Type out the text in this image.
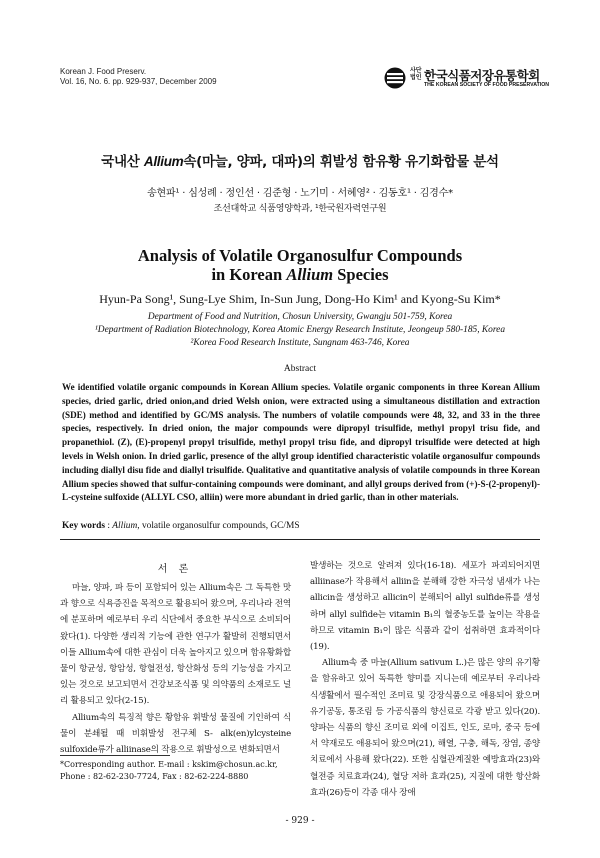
Korean J. Food Preserv.
Vol. 16, No. 6. pp. 929-937, December 2009
사단법인 한국식품저장유통학회
THE KOREAN SOCIETY OF FOOD PRESERVATION
국내산 Allium속(마늘, 양파, 대파)의 휘발성 함유황 유기화합물 분석
송현파¹ · 심성례 · 정인선 · 김준형 · 노기미 · 서혜영² · 김동호¹ · 김경수*
조선대학교 식품영양학과, ¹한국원자력연구원
Analysis of Volatile Organosulfur Compounds
in Korean Allium Species
Hyun-Pa Song¹, Sung-Lye Shim, In-Sun Jung, Dong-Ho Kim¹ and Kyong-Su Kim*
Department of Food and Nutrition, Chosun University, Gwangju 501-759, Korea
¹Department of Radiation Biotechnology, Korea Atomic Energy Research Institute, Jeongeup 580-185, Korea
²Korea Food Research Institute, Sungnam 463-746, Korea
Abstract
We identified volatile organic compounds in Korean Allium species. Volatile organic components in three Korean Allium species, dried garlic, dried onion,and dried Welsh onion, were extracted using a simultaneous distillation and extraction (SDE) method and identified by GC/MS analysis. The numbers of volatile compounds were 48, 32, and 33 in the three species, respectively. In dried onion, the major compounds were dipropyl trisulfide, methyl propyl trisu fide, and propanethiol. (Z), (E)-propenyl propyl trisulfide, methyl propyl trisu fide, and dipropyl trisulfide were detected at high levels in Welsh onion. In dried garlic, presence of the allyl group identified characteristic volatile organosulfur compounds including diallyl disu fide and diallyl trisulfide. Qualitative and quantitative analysis of volatile compounds in three Korean Allium species showed that sulfur-containing compounds were dominant, and allyl groups derived from (+)-S-(2-propenyl)-L-cysteine sulfoxide (ALLYL CSO, alliin) were more abundant in dried garlic, than in other materials.
Key words : Allium, volatile organosulfur compounds, GC/MS
서 론

마늘, 양파, 파 등이 포함되어 있는 Allium속은 그 독특한 맛과 향으로 식욕증진을 목적으로 활용되어 왔으며, 우리나라 전역에 분포하며 예로부터 우리 식단에서 중요한 부식으로 소비되어 왔다(1). 다양한 생리적 기능에 관한 연구가 활발히 진행되면서 이들 Allium속에 대한 관심이 더욱 높아지고 있으며 함유황화합물이 항균성, 항암성, 항혈전성, 항산화성 등의 기능성을 가지고 있는 것으로 보고되면서 건강보조식품 및 의약품의 소재로도 널리 활용되고 있다(2-15).

Allium속의 특징적 향은 황함유 휘발성 물질에 기인하여 식물이 분쇄될 때 비휘발성 전구체 S- alk(en)ylcysteine sulfoxide류가 alliinase의 작용으로 휘발성으로 변화되면서

발생하는 것으로 알려져 있다(16-18). 세포가 파괴되어지면 alliinase가 작용해서 alliin을 분해해 강한 자극성 냄새가 나는 allicin을 생성하고 allicin이 분해되어 allyl sulfide류를 생성하며 allyl sulfide는 vitamin B₁의 혈중농도를 높이는 작용을 하므로 vitamin B₁이 많은 식품과 같이 섭취하면 효과적이다(19).

Allium속 중 마늘(Allium sativum L.)은 많은 양의 유기황을 함유하고 있어 독특한 향미를 지니는데 예로부터 우리나라 식생활에서 필수적인 조미료 및 강장식품으로 애용되어 왔으며 유기공동, 통조림 등 가공식품의 향신료로 각광 받고 있다(20). 양파는 식품의 향신 조미료 외에 이집트, 인도, 로마, 중국 등에서 약재로도 애용되어 왔으며(21), 해열, 구충, 해독, 장염, 종양치료에서 사용해 왔다(22). 또한 심혈관계질환 예방효과(23)와 혈전증 치료효과(24), 혈당 저하 효과(25), 지질에 대한 항산화 효과(26)등이 각종 대사 장애

*Corresponding author. E-mail : kskim@chosun.ac.kr,
Phone : 82-62-230-7724, Fax : 82-62-224-8880
- 929 -
